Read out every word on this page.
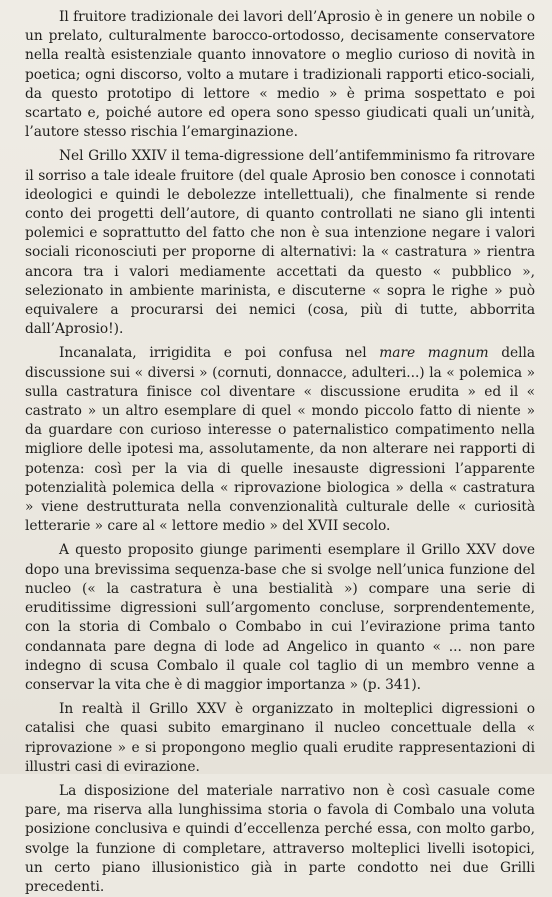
Il fruitore tradizionale dei lavori dell’Aprosio è in genere un nobile o un prelato, culturalmente barocco-ortodosso, decisamente conservatore nella realtà esistenziale quanto innovatore o meglio curioso di novità in poetica; ogni discorso, volto a mutare i tradizionali rapporti etico-sociali, da questo prototipo di lettore « medio » è prima sospettato e poi scartato e, poiché autore ed opera sono spesso giudicati quali un’unità, l’autore stesso rischia l’emarginazione.

Nel Grillo XXIV il tema-digressione dell’antifemminismo fa ritrovare il sorriso a tale ideale fruitore (del quale Aprosio ben conosce i connotati ideologici e quindi le debolezze intellettuali), che finalmente si rende conto dei progetti dell’autore, di quanto controllati ne siano gli intenti polemici e soprattutto del fatto che non è sua intenzione negare i valori sociali riconosciuti per proporne di alternativi: la « castratura » rientra ancora tra i valori mediamente accettati da questo « pubblico », selezionato in ambiente marinista, e discuterne « sopra le righe » può equivalere a procurarsi dei nemici (cosa, più di tutte, abborrita dall’Aprosio!).

Incanalata, irrigidita e poi confusa nel mare magnum della discussione sui « diversi » (cornuti, donnacce, adulteri...) la « polemica » sulla castratura finisce col diventare « discussione erudita » ed il « castrato » un altro esemplare di quel « mondo piccolo fatto di niente » da guardare con curioso interesse o paternalistico compatimento nella migliore delle ipotesi ma, assolutamente, da non alterare nei rapporti di potenza: così per la via di quelle inesauste digressioni l’apparente potenzialità polemica della « riprovazione biologica » della « castratura » viene destrutturata nella convenzionalità culturale delle « curiosità letterarie » care al « lettore medio » del XVII secolo.

A questo proposito giunge parimenti esemplare il Grillo XXV dove dopo una brevissima sequenza-base che si svolge nell’unica funzione del nucleo (« la castratura è una bestialità ») compare una serie di eruditissime digressioni sull’argomento concluse, sorprendentemente, con la storia di Combalo o Combabo in cui l’evirazione prima tanto condannata pare degna di lode ad Angelico in quanto « ... non pare indegno di scusa Combalo il quale col taglio di un membro venne a conservar la vita che è di maggior importanza » (p. 341).

In realtà il Grillo XXV è organizzato in molteplici digressioni o catalisi che quasi subito emarginano il nucleo concettuale della « riprovazione » e si propongono meglio quali erudite rappresentazioni di illustri casi di evirazione.

La disposizione del materiale narrativo non è così casuale come pare, ma riserva alla lunghissima storia o favola di Combalo una voluta posizione conclusiva e quindi d’eccellenza perché essa, con molto garbo, svolge la funzione di completare, attraverso molteplici livelli isotopici, un certo piano illusionistico già in parte condotto nei due Grilli precedenti.
